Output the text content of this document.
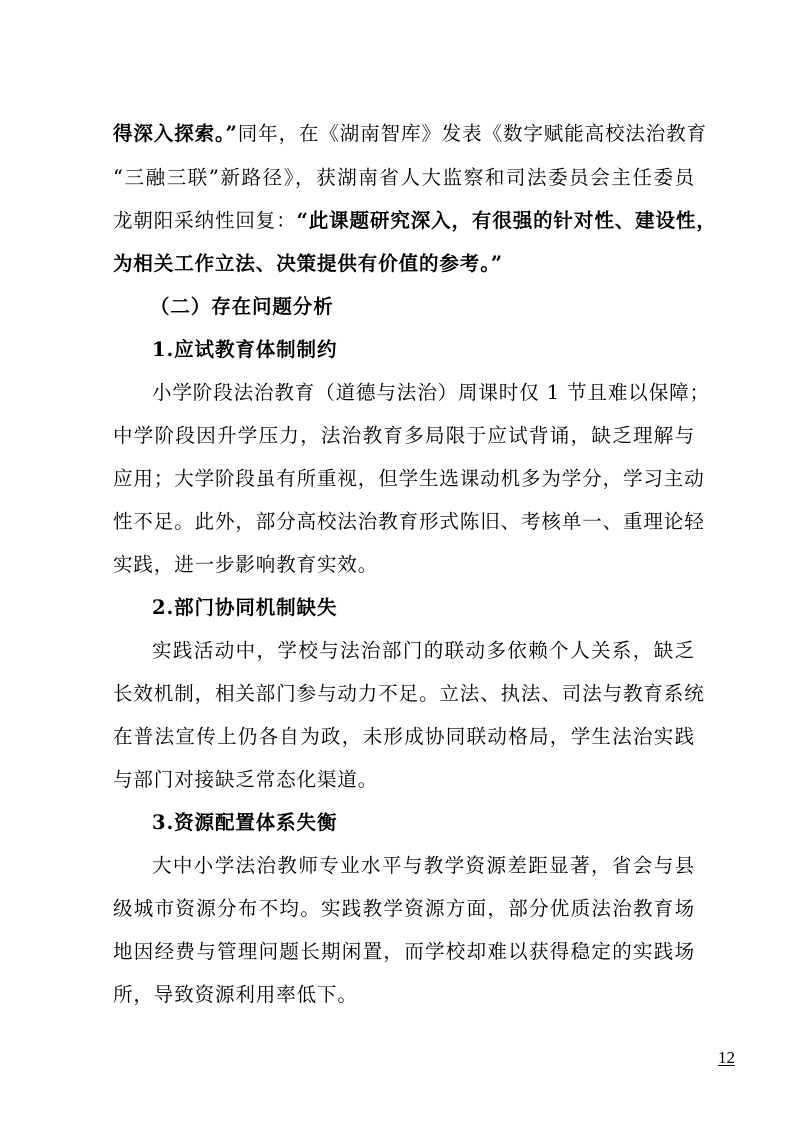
得深入探索。”同年，在《湖南智库》发表《数字赋能高校法治教育
“三融三联”新路径》，获湖南省人大监察和司法委员会主任委员
龙朝阳采纳性回复：“此课题研究深入，有很强的针对性、建设性，
为相关工作立法、决策提供有价值的参考。”
（二）存在问题分析
1.应试教育体制制约
小学阶段法治教育（道德与法治）周课时仅 1 节且难以保障；
中学阶段因升学压力，法治教育多局限于应试背诵，缺乏理解与
应用；大学阶段虽有所重视，但学生选课动机多为学分，学习主动
性不足。此外，部分高校法治教育形式陈旧、考核单一、重理论轻
实践，进一步影响教育实效。
2.部门协同机制缺失
实践活动中，学校与法治部门的联动多依赖个人关系，缺乏
长效机制，相关部门参与动力不足。立法、执法、司法与教育系统
在普法宣传上仍各自为政，未形成协同联动格局，学生法治实践
与部门对接缺乏常态化渠道。
3.资源配置体系失衡
大中小学法治教师专业水平与教学资源差距显著，省会与县
级城市资源分布不均。实践教学资源方面，部分优质法治教育场
地因经费与管理问题长期闲置，而学校却难以获得稳定的实践场
所，导致资源利用率低下。
12
